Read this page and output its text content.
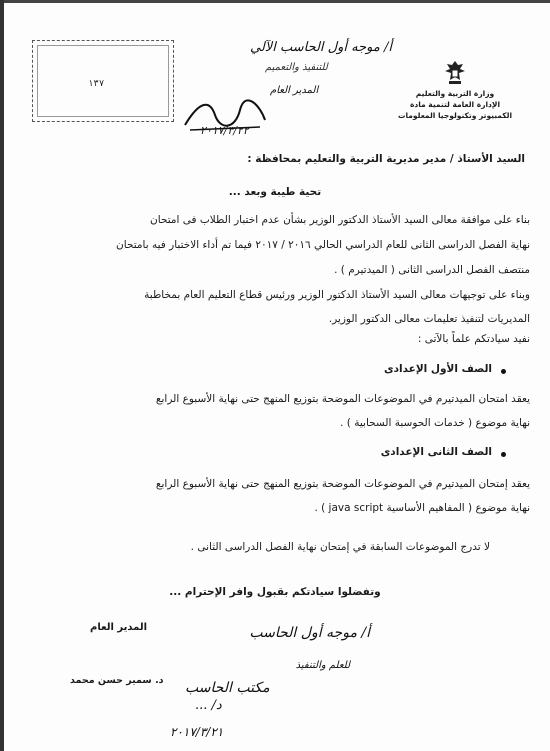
وزارة التربية والتعليم
الإدارة العامة لتنمية مادة
الكمبيوتر وتكنولوجيا المعلومات
١٣٧
أ/ موجه أول الحاسب الآلي
للتنفيذ والتعميم
المدير العام
٢٠١٧/٣/٢٢
السيد الأستاذ / مدير مديرية التربية والتعليم بمحافظة :
تحية طيبة وبعد ...
بناء على موافقة معالى السيد الأستاذ الدكتور الوزير بشأن عدم اختبار الطلاب فى امتحان
نهاية الفصل الدراسى الثانى للعام الدراسي الحالي ٢٠١٦ / ٢٠١٧ فيما تم أداء الاختبار فيه بامتحان
منتصف الفصل الدراسى الثانى ( الميدتيرم ) .
وبناء على توجيهات معالى السيد الأستاذ الدكتور الوزير ورئيس قطاع التعليم العام بمخاطبة
المديريات لتنفيذ تعليمات معالى الدكتور الوزير.
نفيد سيادتكم علماً بالآتى :
الصف الأول الإعدادى
يعقد امتحان الميدتيرم في الموضوعات الموضحة بتوزيع المنهج حتى نهاية الأسبوع الرابع
نهاية موضوع ( خدمات الحوسبة السحابية ) .
الصف الثانى الإعدادى
يعقد إمتحان الميدتيرم في الموضوعات الموضحة بتوزيع المنهج حتى نهاية الأسبوع الرابع
نهاية موضوع ( المفاهيم الأساسية java script ) .
لا تدرج الموضوعات السابقة في إمتحان نهاية الفصل الدراسى الثانى .
وتفضلوا سيادتكم بقبول وافر الإحترام ...
المدير العام
د. سمير حسن محمد
أ/ موجه أول الحاسب
للعلم والتنفيذ
مكتب الحاسب
د/ ...
٢٠١٧/٣/٢١
